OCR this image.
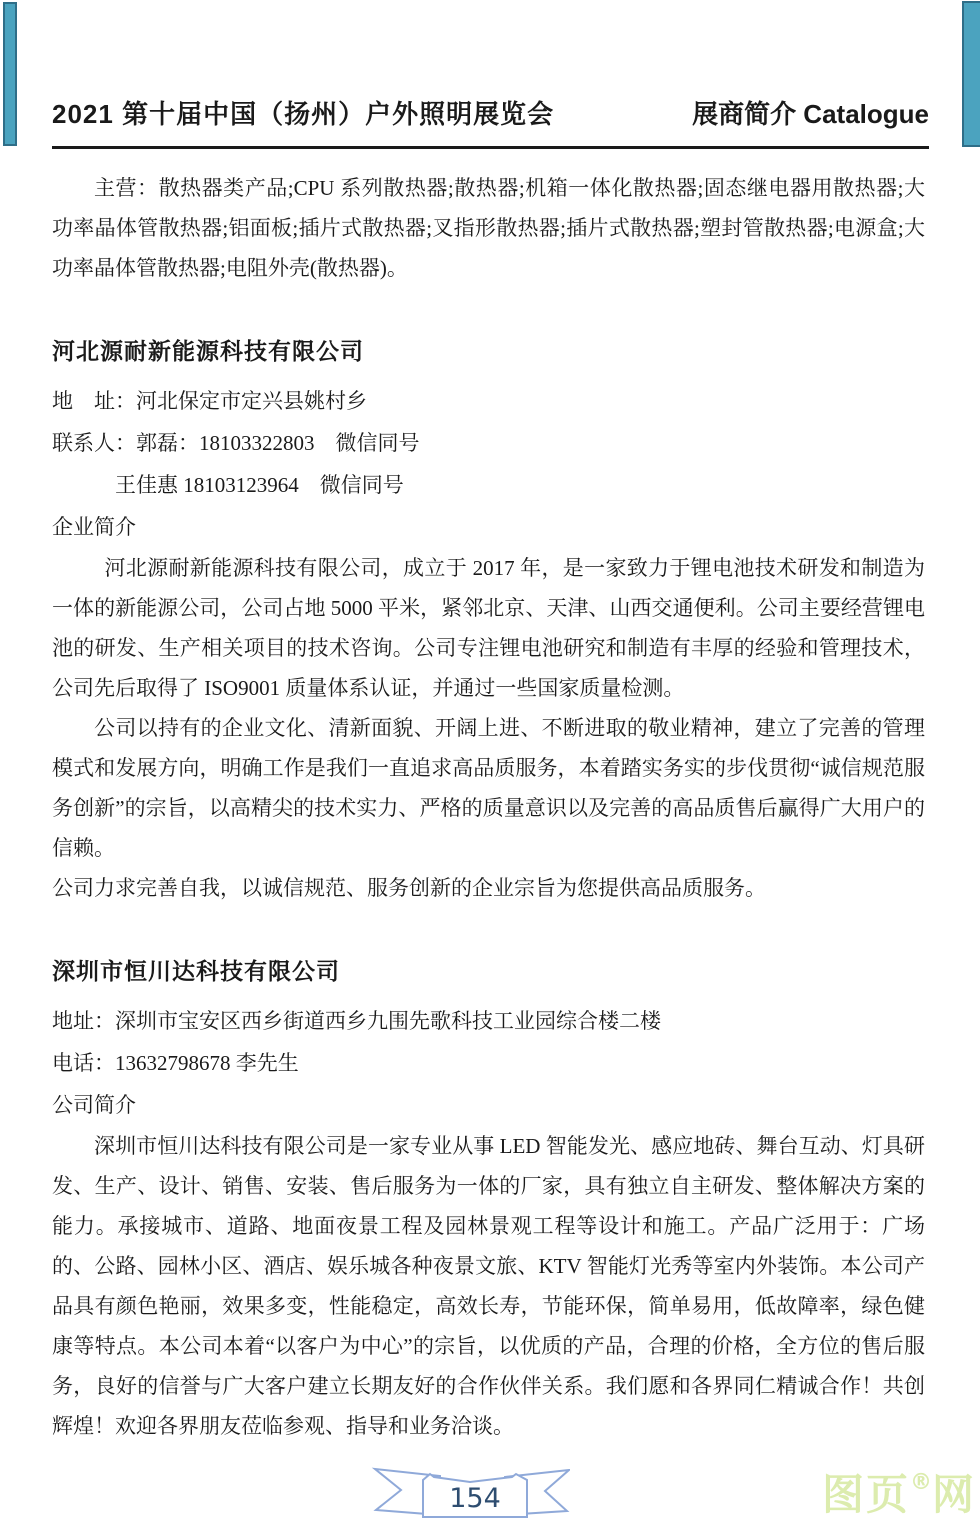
2021 第十届中国（扬州）户外照明展览会	展商简介 Catalogue

主营：散热器类产品;CPU 系列散热器;散热器;机箱一体化散热器;固态继电器用散热器;大功率晶体管散热器;铝面板;插片式散热器;叉指形散热器;插片式散热器;塑封管散热器;电源盒;大功率晶体管散热器;电阻外壳(散热器)。

河北源耐新能源科技有限公司

地　址：河北保定市定兴县姚村乡

联系人：郭磊：18103322803　微信同号

王佳惠 18103123964　微信同号

企业简介

河北源耐新能源科技有限公司，成立于 2017 年，是一家致力于锂电池技术研发和制造为一体的新能源公司，公司占地 5000 平米，紧邻北京、天津、山西交通便利。公司主要经营锂电池的研发、生产相关项目的技术咨询。公司专注锂电池研究和制造有丰厚的经验和管理技术，公司先后取得了 ISO9001 质量体系认证，并通过一些国家质量检测。

公司以持有的企业文化、清新面貌、开阔上进、不断进取的敬业精神，建立了完善的管理模式和发展方向，明确工作是我们一直追求高品质服务，本着踏实务实的步伐贯彻“诚信规范服务创新”的宗旨，以高精尖的技术实力、严格的质量意识以及完善的高品质售后赢得广大用户的信赖。

公司力求完善自我，以诚信规范、服务创新的企业宗旨为您提供高品质服务。

深圳市恒川达科技有限公司

地址：深圳市宝安区西乡街道西乡九围先歌科技工业园综合楼二楼

电话：13632798678 李先生

公司简介

深圳市恒川达科技有限公司是一家专业从事 LED 智能发光、感应地砖、舞台互动、灯具研发、生产、设计、销售、安装、售后服务为一体的厂家，具有独立自主研发、整体解决方案的能力。承接城市、道路、地面夜景工程及园林景观工程等设计和施工。产品广泛用于：广场的、公路、园林小区、酒店、娱乐城各种夜景文旅、KTV 智能灯光秀等室内外装饰。本公司产品具有颜色艳丽，效果多变，性能稳定，高效长寿，节能环保，简单易用，低故障率，绿色健康等特点。本公司本着“以客户为中心”的宗旨，以优质的产品，合理的价格，全方位的售后服务，良好的信誉与广大客户建立长期友好的合作伙伴关系。我们愿和各界同仁精诚合作！共创辉煌！欢迎各界朋友莅临参观、指导和业务洽谈。

154	图页®网
